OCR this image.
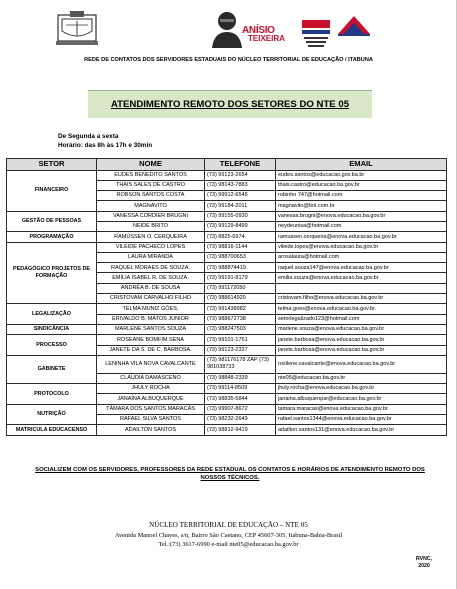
ANÍSIO
TEIXEIRA
REDE DE CONTATOS DOS SERVIDORES ESTADUAIS DO NÚCLEO TERRITORIAL DE EDUCAÇÃO / ITABUNA
ATENDIMENTO REMOTO DOS SETORES DO NTE 05
De Segunda a sexta
Horário: das 8h às 17h e 30min
SETOR	NOME	TELEFONE	EMAIL
FINANCEIRO	EUDES BENEDITO SANTOS	(73) 99123-2654	eudes.santos@educacao.gov.ba.br
	THAIS SALES DE CASTRO	(73) 98143-7883	thais.castro@educacao.ba.gov.br
	ROBSON SANTOS COSTA	(73) 99912-6546	robinho 747@hotmail.com
	MAGNAVITO	(73) 99184-2011	magnavito@bol.com.br
GESTÃO DE PESSOAS	VANESSA CORDIER BRUGNI	(73) 99155-0930	vanessa.brugni@enova.educacao.ba.gov.br
	NEIDE BRITO	(73) 99129-8499	neydeunisa@hotmail.com
PROGRAMAÇÃO	RAMÚSSEN O. CERQUEIRA	(73) 8825-6974	ramussen.cerqueira@enova.educacao.ba.gov.br
PEDAGÓGICO PROJETOS DE FORMAÇÃO	VILEIDE PACHECO LOPES	(73) 98816-1144	vileide.lopes@enova.educacao.ba.gov.br
	LAURA MIRANDA	(73) 988700653	arosalaura@hotmail.com
	RAQUEL MORAES DE SOUZA.	(73) 988874419	raquel.souza147@enova.educacao.ba.gov.br
	EMÍLIA ISABEL R. DE SOUZA.	(73) 99191-8179	emilia.souza@enova.educacao.ba.gov.br
	ANDRÉA B. DE SOUSA	(73) 991172050	
	CRISTOVAM CARVALHO FILHO	(73) 988614920	cristovam.filho@enova.educacao.ba.gov.br
LEGALIZAÇÃO	TELMA MUNIZ GÓES,	(73) 991438982	telma.goes@enova.educacao.ba.gov.br.
	ERIVALDO B. MATOS JUNIOR	(73) 988672738	setorlegalizado123@hotmail.com
SINDICÂNCIA	MARLENE SANTOS SOUZA	(73) 988247503	marlene.souza@enova.educacao.ba.gov.br
PROCESSO	ROSEANE BOMFIM SENA	(73) 99101-1761	janete.barbosa@enova.educacao.ba.gov.br
	JANETE DA S. DE C. BARBOSA.	(73) 99123-2337	janete.barbosa@enova.educacao.ba.gov.br
GABINETE	LENINHA VILA NOVA CAVALCANTE	(73) 981176178 ZAP (73) 981038733	rosilene.cavalcante@enova.educacao.ba.gov.br
	CLÁUDIA DAMASCENO	(73) 98848-2339	nte05@educacao.ba.gov.br
PROTOCOLO	JHULY ROCHA	(73) 99114-8509	jhuly.rocha@enova.educacao.ba.gov.br
	JANAÍNA ALBUQUERQUE	(73) 98835-5844	janaina.albuquerque@educacao.ba.gov.br
NUTRIÇÃO	TÂMARA DOS SANTOS MARACÁS	(73) 99907-8672	tamara.maracas@enova.educacao.ba.gov.br
	RAFAEL SILVA SANTOS	(73) 98232-2649	rafael.santos1344@enova.educacao.ba.gov.br
MATRICULA EDUCACENSO	ADAILTON SANTOS	(73) 98812-9419	adailton.santos131@enova.educacao.ba.gov.br
SOCIALIZEM COM OS SERVIDORES, PROFESSORES DA REDE ESTADUAL OS CONTATOS E HORÁRIOS DE ATENDIMENTO REMOTO DOS NOSSOS TÉCNICOS.
NÚCLEO TERRITORIAL DE EDUCAÇÃO – NTE 05
Avenida Manoel Chaves, s/n, Bairro São Caetano, CEP 45607-305, Itabuna-Bahia-Brasil
Tel.:(73) 3617-6990 e-mail nte05@educacao.ba.gov.br
RVNC,
2020
